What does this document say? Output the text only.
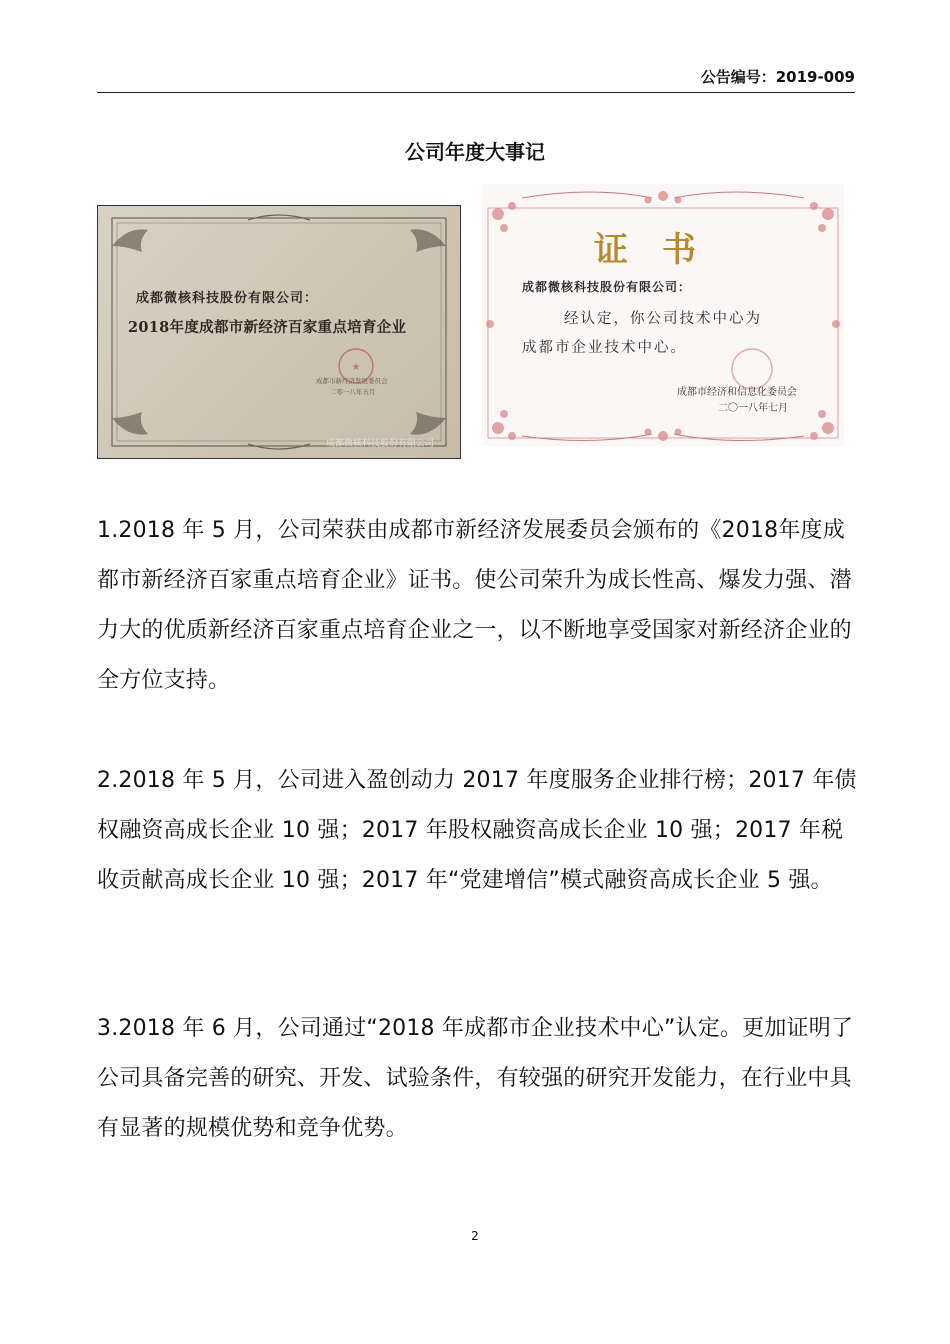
公告编号：2019-009
公司年度大事记
★
成都微核科技股份有限公司：
2018年度成都市新经济百家重点培育企业
成都市新经济发展委员会
二零一八年五月
成都微核科技股份有限公司
证书
成都微核科技股份有限公司：
经认定，你公司技术中心为
成都市企业技术中心。
成都市经济和信息化委员会
二〇一八年七月
1.2018 年 5 月，公司荣获由成都市新经济发展委员会颁布的《2018年度成都市新经济百家重点培育企业》证书。使公司荣升为成长性高、爆发力强、潜力大的优质新经济百家重点培育企业之一，以不断地享受国家对新经济企业的全方位支持。
2.2018 年 5 月，公司进入盈创动力 2017 年度服务企业排行榜；2017 年债权融资高成长企业 10 强；2017 年股权融资高成长企业 10 强；2017 年税收贡献高成长企业 10 强；2017 年“党建增信”模式融资高成长企业 5 强。
3.2018 年 6 月，公司通过“2018 年成都市企业技术中心”认定。更加证明了公司具备完善的研究、开发、试验条件，有较强的研究开发能力，在行业中具有显著的规模优势和竞争优势。
2
